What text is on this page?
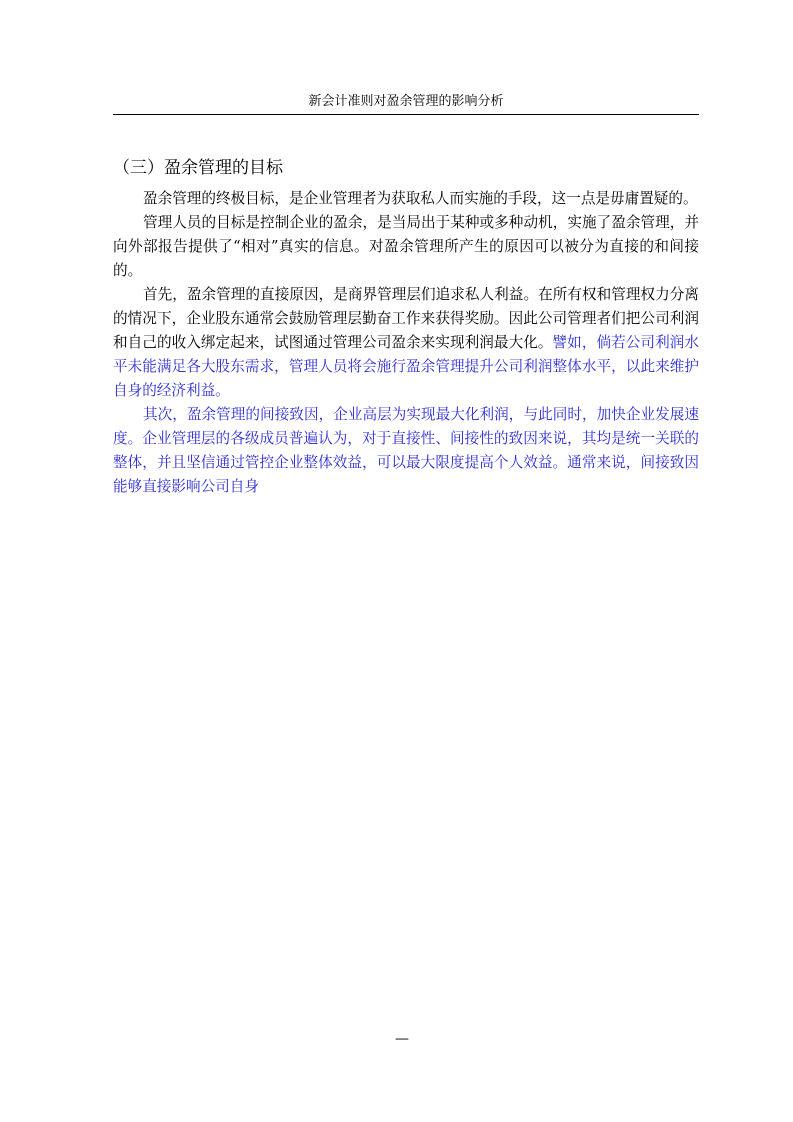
新会计准则对盈余管理的影响分析
（三）盈余管理的目标

盈余管理的终极目标，是企业管理者为获取私人而实施的手段，这一点是毋庸置疑的。

管理人员的目标是控制企业的盈余，是当局出于某种或多种动机，实施了盈余管理，并向外部报告提供了“相对”真实的信息。对盈余管理所产生的原因可以被分为直接的和间接的。

首先，盈余管理的直接原因，是商界管理层们追求私人利益。在所有权和管理权力分离的情况下，企业股东通常会鼓励管理层勤奋工作来获得奖励。因此公司管理者们把公司利润和自己的收入绑定起来，试图通过管理公司盈余来实现利润最大化。譬如，倘若公司利润水平未能满足各大股东需求，管理人员将会施行盈余管理提升公司利润整体水平，以此来维护自身的经济利益。

其次，盈余管理的间接致因，企业高层为实现最大化利润，与此同时，加快企业发展速度。企业管理层的各级成员普遍认为，对于直接性、间接性的致因来说，其均是统一关联的整体，并且坚信通过管控企业整体效益，可以最大限度提高个人效益。通常来说，间接致因能够直接影响公司自身

—
